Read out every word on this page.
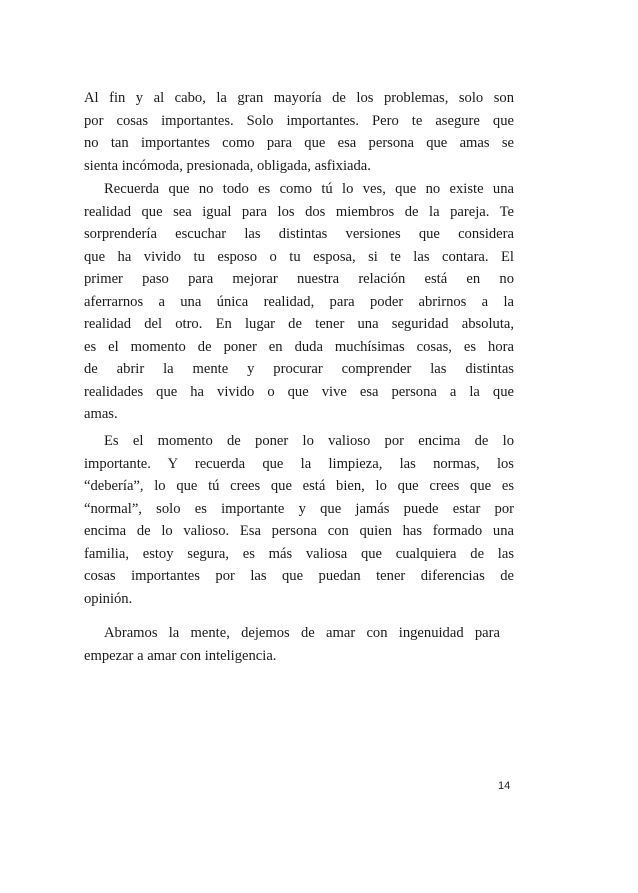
Al fin y al cabo, la gran mayoría de los problemas, solo son
por cosas importantes. Solo importantes. Pero te asegure que
no tan importantes como para que esa persona que amas se
sienta incómoda, presionada, obligada, asfixiada.
Recuerda que no todo es como tú lo ves, que no existe una
realidad que sea igual para los dos miembros de la pareja. Te
sorprendería escuchar las distintas versiones que considera
que ha vivido tu esposo o tu esposa, si te las contara. El
primer paso para mejorar nuestra relación está en no
aferrarnos a una única realidad, para poder abrirnos a la
realidad del otro. En lugar de tener una seguridad absoluta,
es el momento de poner en duda muchísimas cosas, es hora
de abrir la mente y procurar comprender las distintas
realidades que ha vivido o que vive esa persona a la que
amas.
Es el momento de poner lo valioso por encima de lo
importante. Y recuerda que la limpieza, las normas, los
“debería”, lo que tú crees que está bien, lo que crees que es
“normal”, solo es importante y que jamás puede estar por
encima de lo valioso. Esa persona con quien has formado una
familia, estoy segura, es más valiosa que cualquiera de las
cosas importantes por las que puedan tener diferencias de
opinión.
Abramos la mente, dejemos de amar con ingenuidad para
empezar a amar con inteligencia.
14
